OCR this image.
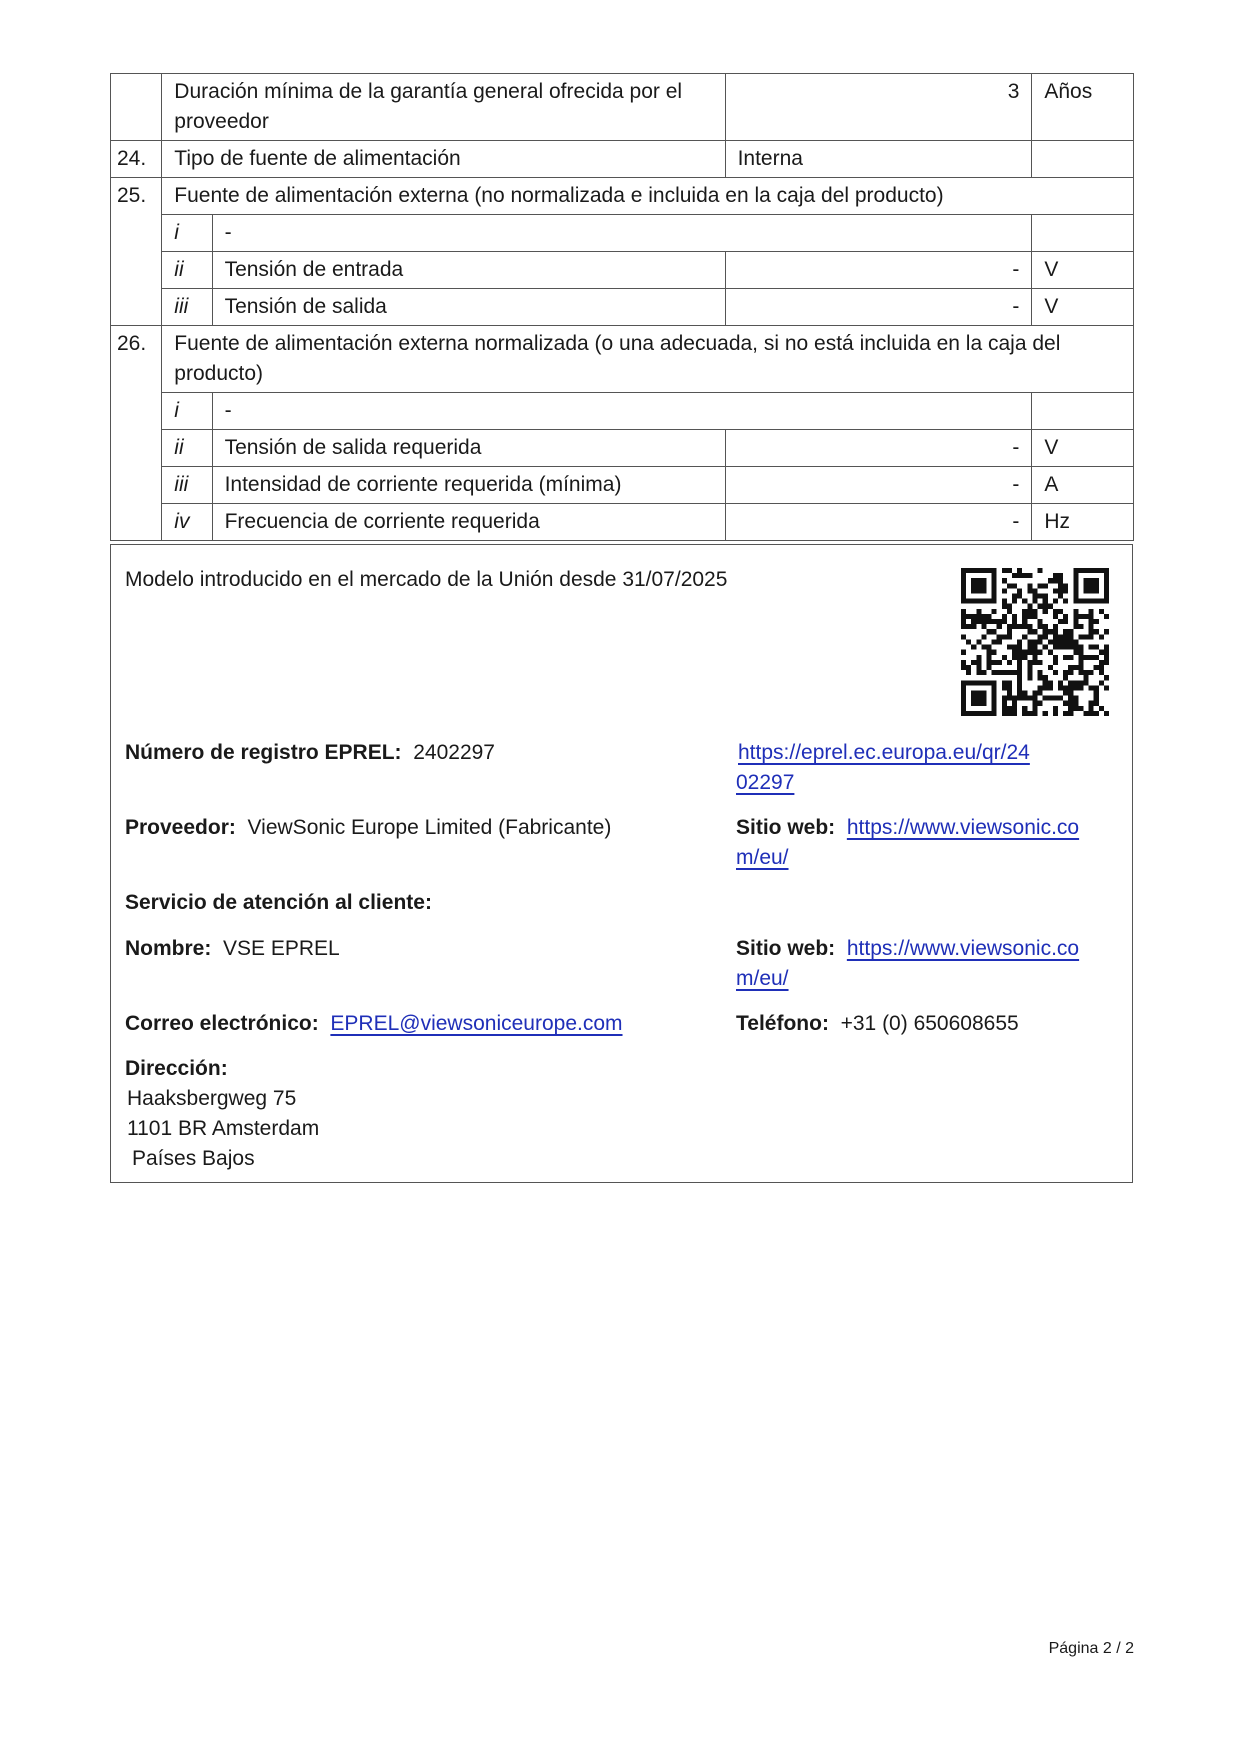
	Duración mínima de la garantía general ofrecida por el proveedor		3	Años
24.	Tipo de fuente de alimentación		Interna	
25.	Fuente de alimentación externa (no normalizada e incluida en la caja del producto)			
	i	-		
	ii	Tensión de entrada	-	V
	iii	Tensión de salida	-	V
26.	Fuente de alimentación externa normalizada (o una adecuada, si no está incluida en la caja del producto)			
	i	-		
	ii	Tensión de salida requerida	-	V
	iii	Intensidad de corriente requerida (mínima)	-	A
	iv	Frecuencia de corriente requerida	-	Hz
Modelo introducido en el mercado de la Unión desde 31/07/2025
Número de registro EPREL: 2402297	https://eprel.ec.europa.eu/qr/24
02297
Proveedor: ViewSonic Europe Limited (Fabricante)	Sitio web: https://www.viewsonic.co
m/eu/
Servicio de atención al cliente:
Nombre: VSE EPREL	Sitio web: https://www.viewsonic.co
m/eu/
Correo electrónico: EPREL@viewsoniceurope.com	Teléfono: +31 (0) 650608655
Dirección:
Haaksbergweg 75
1101 BR Amsterdam
Países Bajos
Página 2 / 2
